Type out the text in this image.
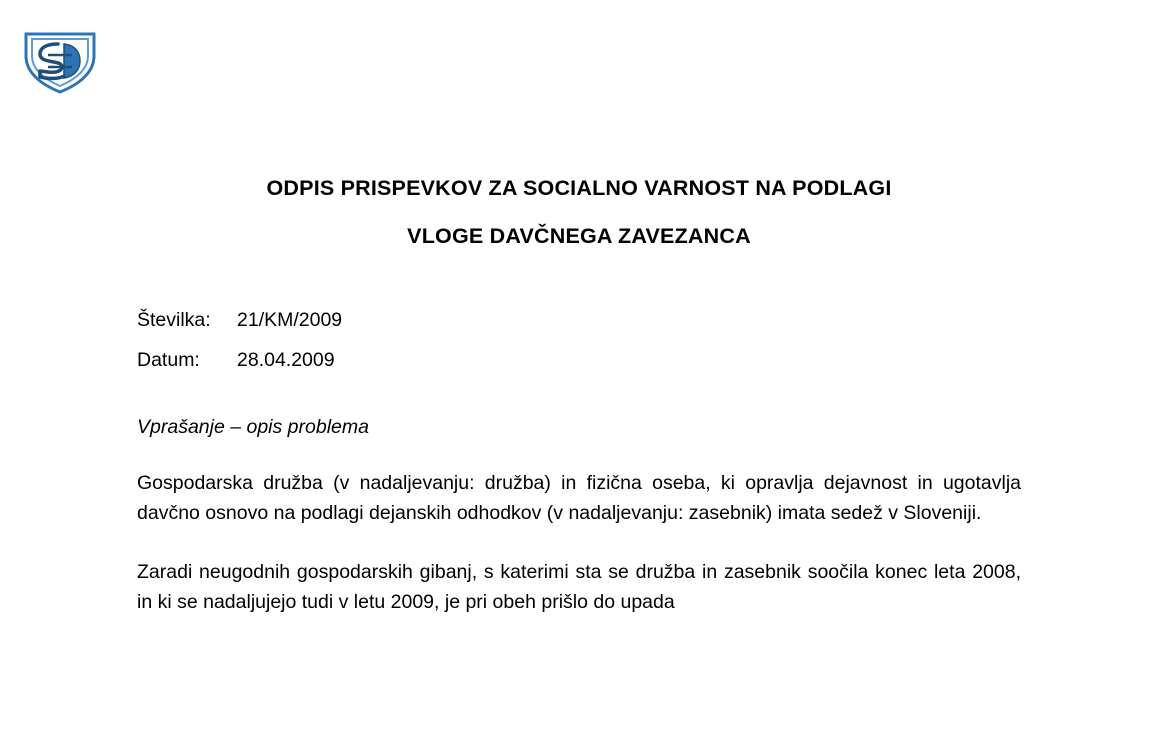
ODPIS PRISPEVKOV ZA SOCIALNO VARNOST NA PODLAGI
VLOGE DAVČNEGA ZAVEZANCA
Številka: 21/KM/2009
Datum: 28.04.2009
Vprašanje – opis problema

Gospodarska družba (v nadaljevanju: družba) in fizična oseba, ki opravlja dejavnost in ugotavlja davčno osnovo na podlagi dejanskih odhodkov (v nadaljevanju: zasebnik) imata sedež v Sloveniji.

Zaradi neugodnih gospodarskih gibanj, s katerimi sta se družba in zasebnik soočila konec leta 2008, in ki se nadaljujejo tudi v letu 2009, je pri obeh prišlo do upada
